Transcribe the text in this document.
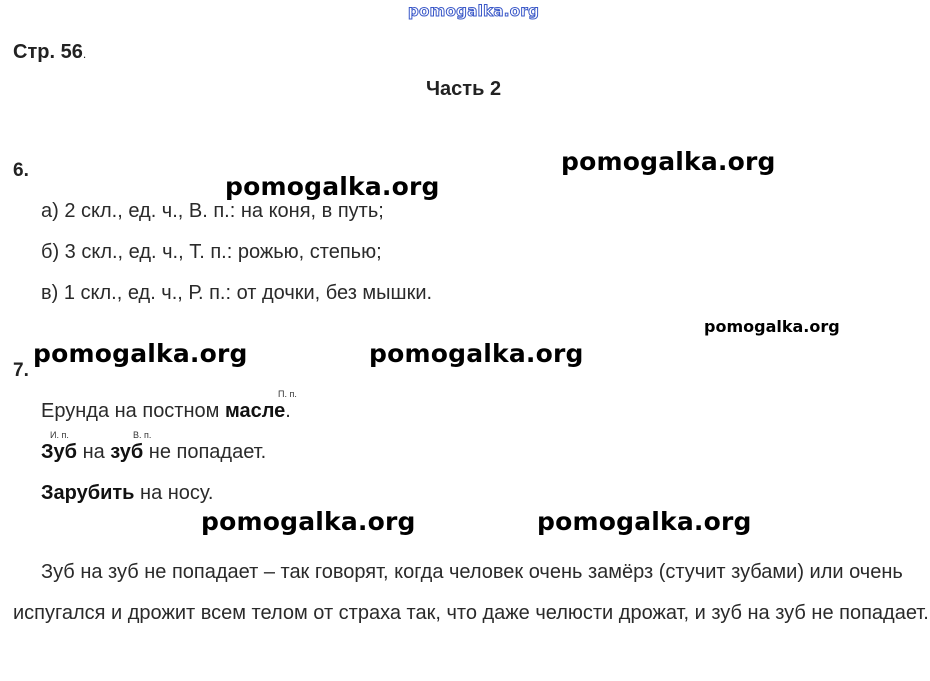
pomogalka.org
Стр. 56.
Часть 2
6.	pomogalka.org
pomogalka.org
а) 2 скл., ед. ч., В. п.: на коня, в путь;
б) 3 скл., ед. ч., Т. п.: рожью, степью;
в) 1 скл., ед. ч., Р. п.: от дочки, без мышки.
pomogalka.org
pomogalka.org	pomogalka.org
7.
П. п.
Ерунда на постном масле.
И. п.	В. п.
Зуб на зуб не попадает.
Зарубить на носу.
pomogalka.org	pomogalka.org
Зуб на зуб не попадает – так говорят, когда человек очень замёрз (стучит зубами) или очень испугался и дрожит всем телом от страха так, что даже челюсти дрожат, и зуб на зуб не попадает.
